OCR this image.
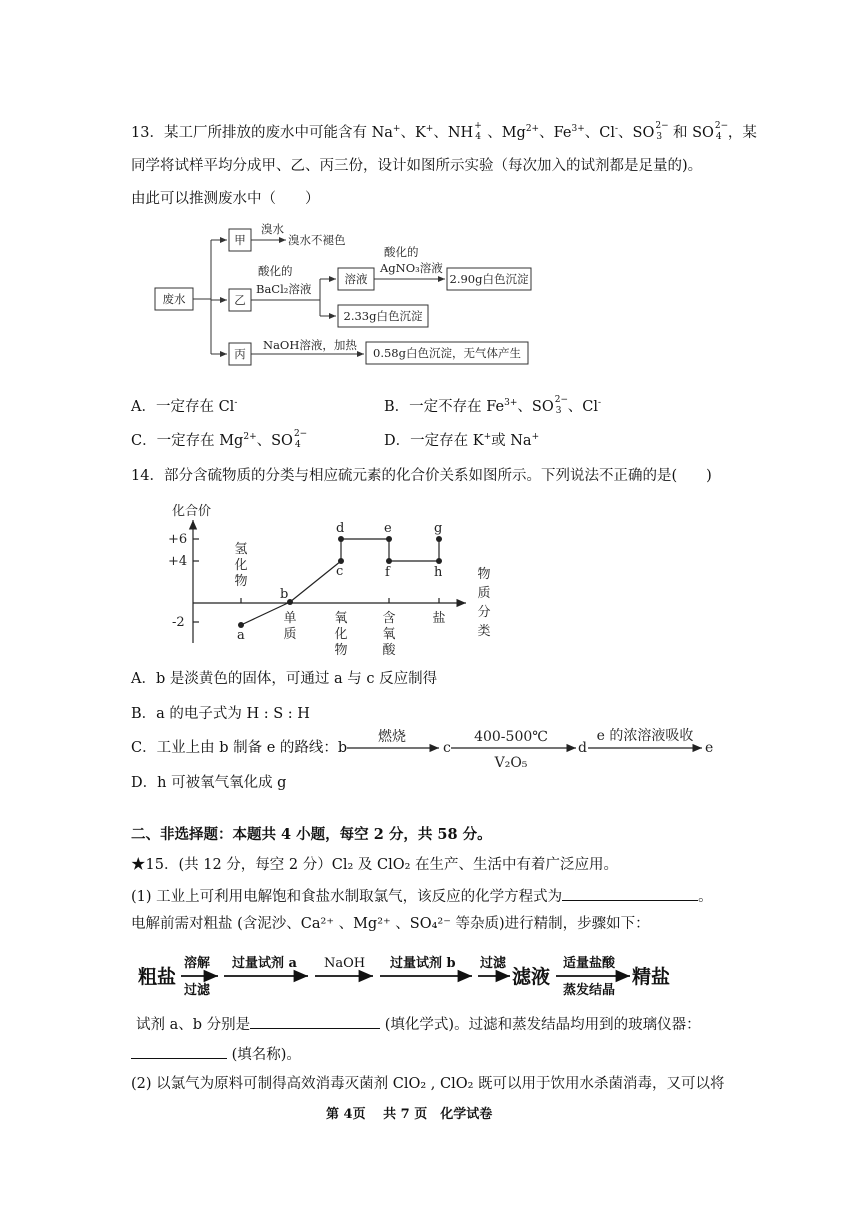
13．某工厂所排放的废水中可能含有 Na+、K+、NH +
4 、$Mg^{2+}$、$Fe^{3+}$、Cl-、SO 2−
3 和 SO 2−
4 ，某
同学将试样平均分成甲、乙、丙三份，设计如图所示实验（每次加入的试剂都是足量的)。
由此可以推测废水中（　　）
废水
甲
乙
丙
溴水
溴水不褪色
酸化的
BaCl₂溶液
溶液
酸化的
AgNO₃溶液
2.90g白色沉淀
2.33g白色沉淀
NaOH溶液，加热
0.58g白色沉淀，无气体产生
A．一定存在 Cl-	B．一定不存在 $Fe^{3+}$、SO 2−
3 、Cl-
C．一定存在 $Mg^{2+}$、SO 2−
4	D．一定存在 K+或 Na+
14．部分含硫物质的分类与相应硫元素的化合价关系如图所示。下列说法不正确的是(　　)
化合价
+6
+4
-2
a
b
c
d	e
f
g
h
氢化物
单质
氧化物
含氧酸
盐
物质分类
A．b 是淡黄色的固体，可通过 a 与 c 反应制得
B．a 的电子式为 H : S : H
C．工业上由 b 制备 e 的路线：b
燃烧
c
400-500℃
V₂O₅
d
e 的浓溶液吸收
e
D．h 可被氧气氧化成 g
二、非选择题：本题共 4 小题，每空 2 分，共 58 分。
★15．(共 12 分，每空 2 分）Cl₂ 及 ClO₂ 在生产、生活中有着广泛应用。
(1) 工业上可利用电解饱和食盐水制取氯气，该反应的化学方程式为	。
电解前需对粗盐 (含泥沙、Ca²⁺ 、Mg²⁺ 、SO₄²⁻ 等杂质)进行精制，步骤如下：
粗盐
溶解
过滤
过量试剂 a NaOH 过量试剂 b 过滤
滤液
适量盐酸
蒸发结晶
精盐
试剂 a、b 分别是	(填化学式)。过滤和蒸发结晶均用到的玻璃仪器：
(填名称)。
(2) 以氯气为原料可制得高效消毒灭菌剂 ClO₂ , ClO₂ 既可以用于饮用水杀菌消毒，又可以将
第 4页　 共 7 页　化学试卷
